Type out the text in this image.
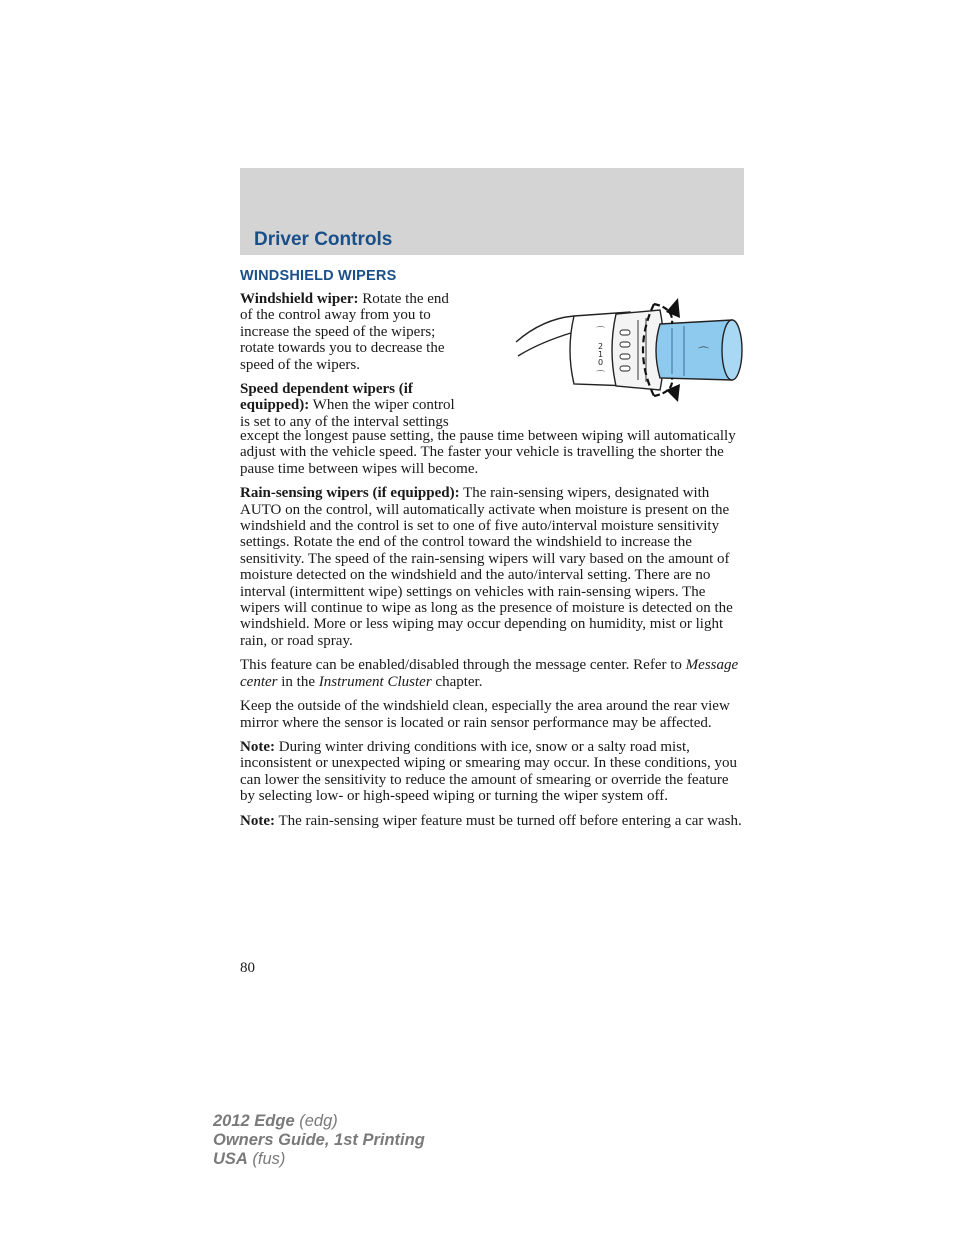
Driver Controls
WINDSHIELD WIPERS

Windshield wiper: Rotate the end
of the control away from you to
increase the speed of the wipers;
rotate towards you to decrease the
speed of the wipers.

Speed dependent wipers (if
equipped): When the wiper control
is set to any of the interval settings

except the longest pause setting, the pause time between wiping will automatically adjust with the vehicle speed. The faster your vehicle is travelling the shorter the pause time between wipes will become.

Rain-sensing wipers (if equipped): The rain-sensing wipers, designated with AUTO on the control, will automatically activate when moisture is present on the windshield and the control is set to one of five auto/interval moisture sensitivity settings. Rotate the end of the control toward the windshield to increase the sensitivity. The speed of the rain-sensing wipers will vary based on the amount of moisture detected on the windshield and the auto/interval setting. There are no interval (intermittent wipe) settings on vehicles with rain-sensing wipers. The wipers will continue to wipe as long as the presence of moisture is detected on the windshield. More or less wiping may occur depending on humidity, mist or light rain, or road spray.

This feature can be enabled/disabled through the message center. Refer to Message center in the Instrument Cluster chapter.

Keep the outside of the windshield clean, especially the area around the rear view mirror where the sensor is located or rain sensor performance may be affected.

Note: During winter driving conditions with ice, snow or a salty road mist, inconsistent or unexpected wiping or smearing may occur. In these conditions, you can lower the sensitivity to reduce the amount of smearing or override the feature by selecting low- or high-speed wiping or turning the wiper system off.

Note: The rain-sensing wiper feature must be turned off before entering a car wash.

⌒
2
1
0
⌒
⌒
80
2012 Edge (edg)
Owners Guide, 1st Printing
USA (fus)
